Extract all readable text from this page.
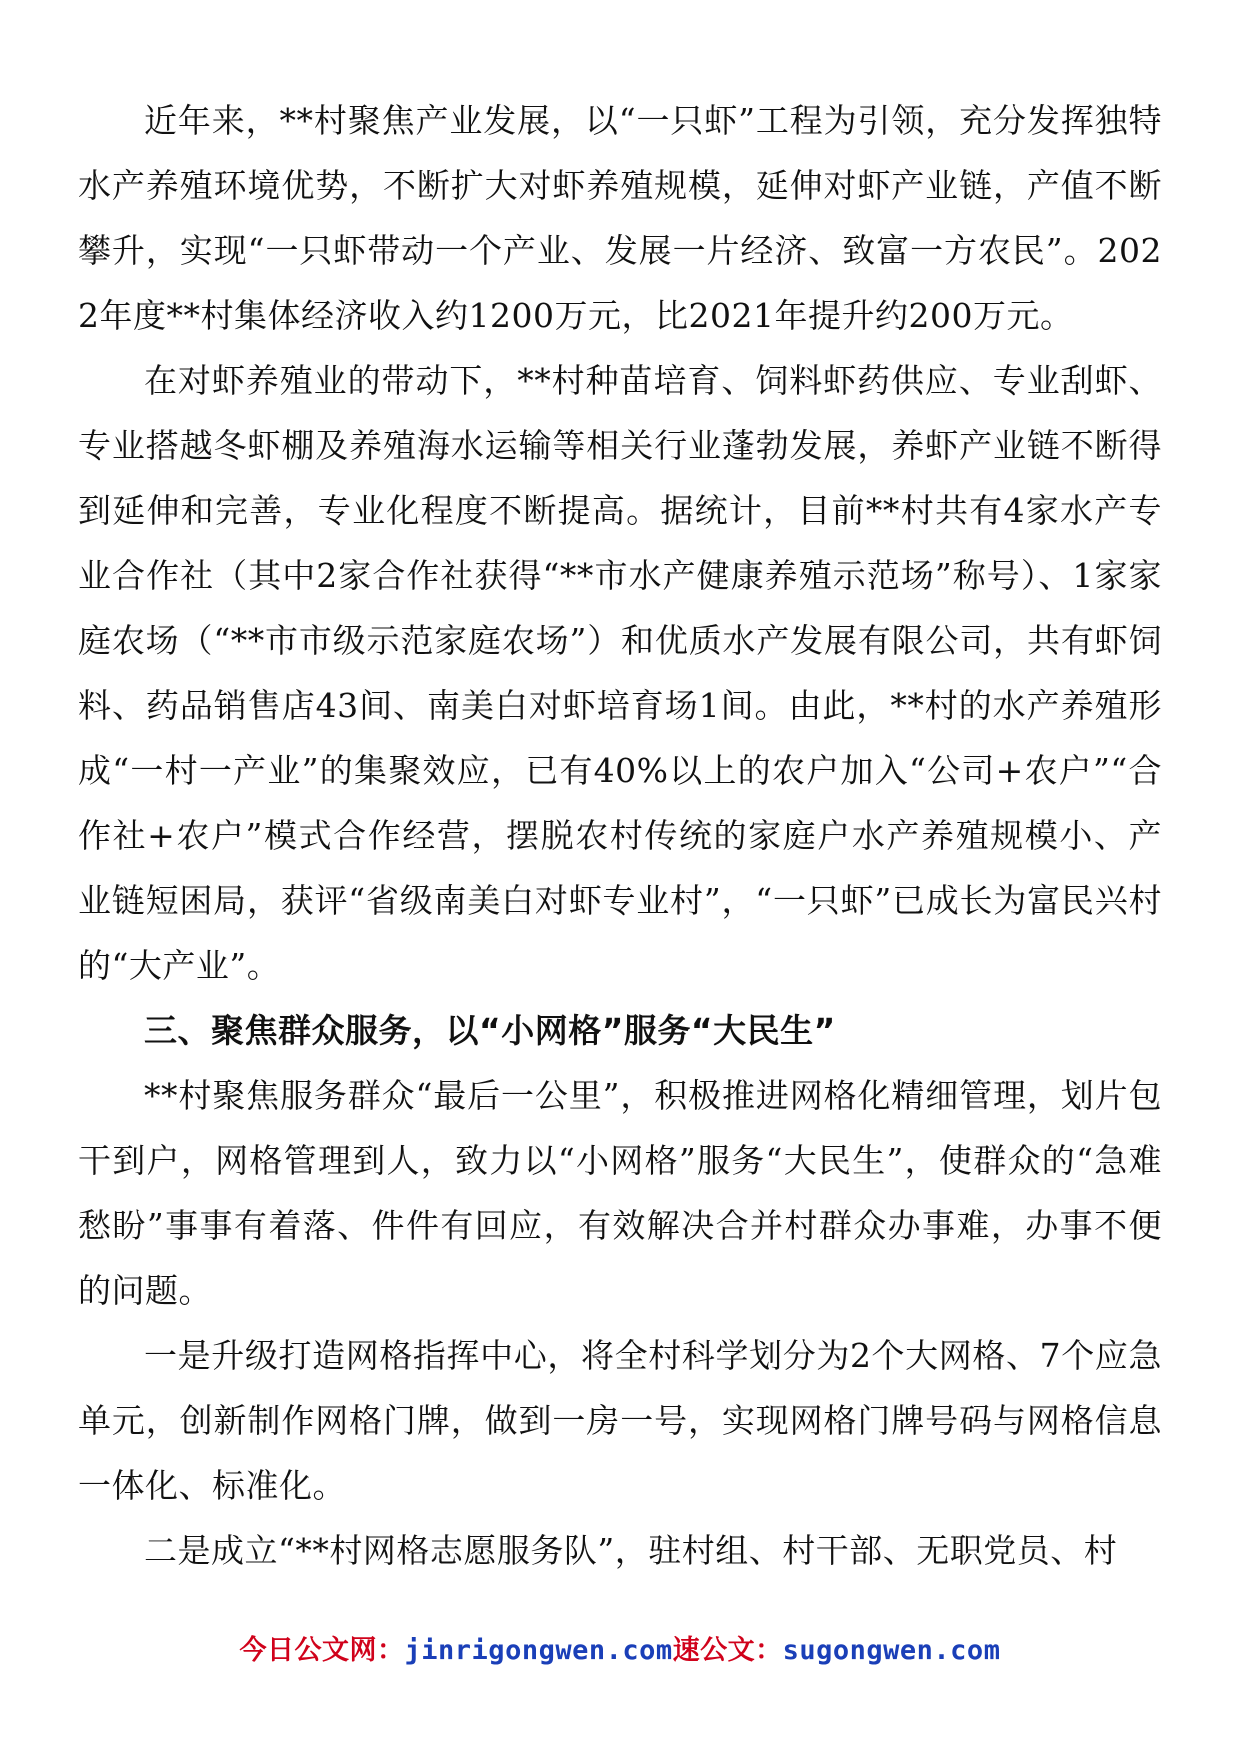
近年来，**村聚焦产业发展，以“一只虾”工程为引领，充分发挥独特水产养殖环境优势，不断扩大对虾养殖规模，延伸对虾产业链，产值不断攀升，实现“一只虾带动一个产业、发展一片经济、致富一方农民”。2022年度**村集体经济收入约1200万元，比2021年提升约200万元。

在对虾养殖业的带动下，**村种苗培育、饲料虾药供应、专业刮虾、专业搭越冬虾棚及养殖海水运输等相关行业蓬勃发展，养虾产业链不断得到延伸和完善，专业化程度不断提高。据统计，目前**村共有4家水产专业合作社（其中2家合作社获得“**市水产健康养殖示范场”称号）、1家家庭农场（“**市市级示范家庭农场”）和优质水产发展有限公司，共有虾饲料、药品销售店43间、南美白对虾培育场1间。由此，**村的水产养殖形成“一村一产业”的集聚效应，已有40%以上的农户加入“公司+农户”“合作社+农户”模式合作经营，摆脱农村传统的家庭户水产养殖规模小、产业链短困局，获评“省级南美白对虾专业村”，“一只虾”已成长为富民兴村的“大产业”。

三、聚焦群众服务，以“小网格”服务“大民生”

**村聚焦服务群众“最后一公里”，积极推进网格化精细管理，划片包干到户，网格管理到人，致力以“小网格”服务“大民生”，使群众的“急难愁盼”事事有着落、件件有回应，有效解决合并村群众办事难，办事不便的问题。

一是升级打造网格指挥中心，将全村科学划分为2个大网格、7个应急单元，创新制作网格门牌，做到一房一号，实现网格门牌号码与网格信息一体化、标准化。

二是成立“**村网格志愿服务队”，驻村组、村干部、无职党员、村

今日公文网：jinrigongwen.com速公文：sugongwen.com
